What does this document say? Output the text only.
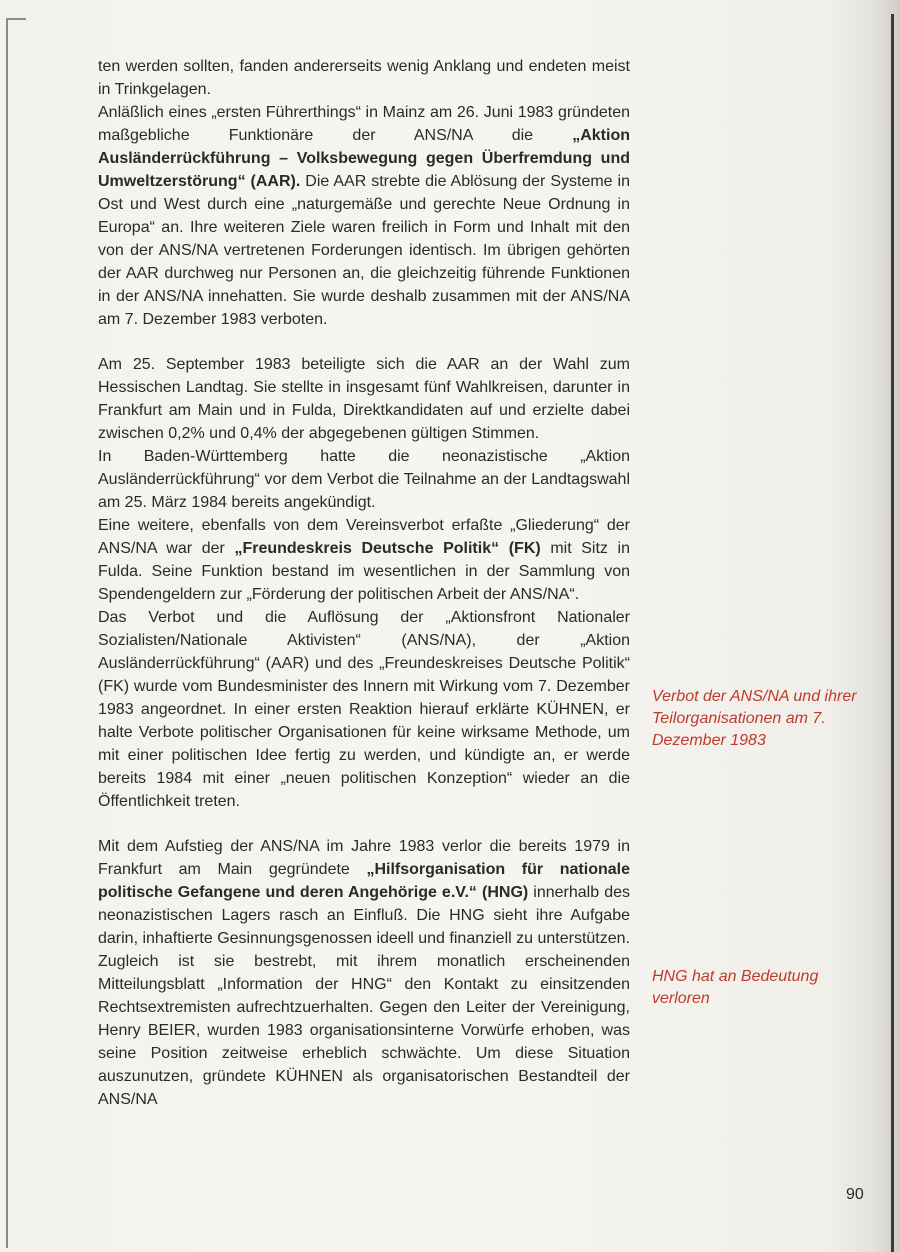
ten werden sollten, fanden andererseits wenig Anklang und endeten meist in Trinkgelagen.

Anläßlich eines „ersten Führerthings“ in Mainz am 26. Juni 1983 gründeten maßgebliche Funktionäre der ANS/NA die „Aktion Ausländerrückführung – Volksbewegung gegen Überfremdung und Umweltzerstörung“ (AAR). Die AAR strebte die Ablösung der Systeme in Ost und West durch eine „naturgemäße und gerechte Neue Ordnung in Europa“ an. Ihre weiteren Ziele waren freilich in Form und Inhalt mit den von der ANS/NA vertretenen Forderungen identisch. Im übrigen gehörten der AAR durchweg nur Personen an, die gleichzeitig führende Funktionen in der ANS/NA innehatten. Sie wurde deshalb zusammen mit der ANS/NA am 7. Dezember 1983 verboten.

Am 25. September 1983 beteiligte sich die AAR an der Wahl zum Hessischen Landtag. Sie stellte in insgesamt fünf Wahlkreisen, darunter in Frankfurt am Main und in Fulda, Direktkandidaten auf und erzielte dabei zwischen 0,2% und 0,4% der abgegebenen gültigen Stimmen.

In Baden-Württemberg hatte die neonazistische „Aktion Ausländerrückführung“ vor dem Verbot die Teilnahme an der Landtagswahl am 25. März 1984 bereits angekündigt.

Eine weitere, ebenfalls von dem Vereinsverbot erfaßte „Gliederung“ der ANS/NA war der „Freundeskreis Deutsche Politik“ (FK) mit Sitz in Fulda. Seine Funktion bestand im wesentlichen in der Sammlung von Spendengeldern zur „Förderung der politischen Arbeit der ANS/NA“.

Das Verbot und die Auflösung der „Aktionsfront Nationaler Sozialisten/Nationale Aktivisten“ (ANS/NA), der „Aktion Ausländerrückführung“ (AAR) und des „Freundeskreises Deutsche Politik“ (FK) wurde vom Bundesminister des Innern mit Wirkung vom 7. Dezember 1983 angeordnet. In einer ersten Reaktion hierauf erklärte KÜHNEN, er halte Verbote politischer Organisationen für keine wirksame Methode, um mit einer politischen Idee fertig zu werden, und kündigte an, er werde bereits 1984 mit einer „neuen politischen Konzeption“ wieder an die Öffentlichkeit treten.

Mit dem Aufstieg der ANS/NA im Jahre 1983 verlor die bereits 1979 in Frankfurt am Main gegründete „Hilfsorganisation für nationale politische Gefangene und deren Angehörige e.V.“ (HNG) innerhalb des neonazistischen Lagers rasch an Einfluß. Die HNG sieht ihre Aufgabe darin, inhaftierte Gesinnungsgenossen ideell und finanziell zu unterstützen. Zugleich ist sie bestrebt, mit ihrem monatlich erscheinenden Mitteilungsblatt „Information der HNG“ den Kontakt zu einsitzenden Rechtsextremisten aufrechtzuerhalten. Gegen den Leiter der Vereinigung, Henry BEIER, wurden 1983 organisationsinterne Vorwürfe erhoben, was seine Position zeitweise erheblich schwächte. Um diese Situation auszunutzen, gründete KÜHNEN als organisatorischen Bestandteil der ANS/NA

Verbot der ANS/NA und ihrer Teilorganisationen am 7. Dezember 1983
HNG hat an Bedeutung verloren
90
